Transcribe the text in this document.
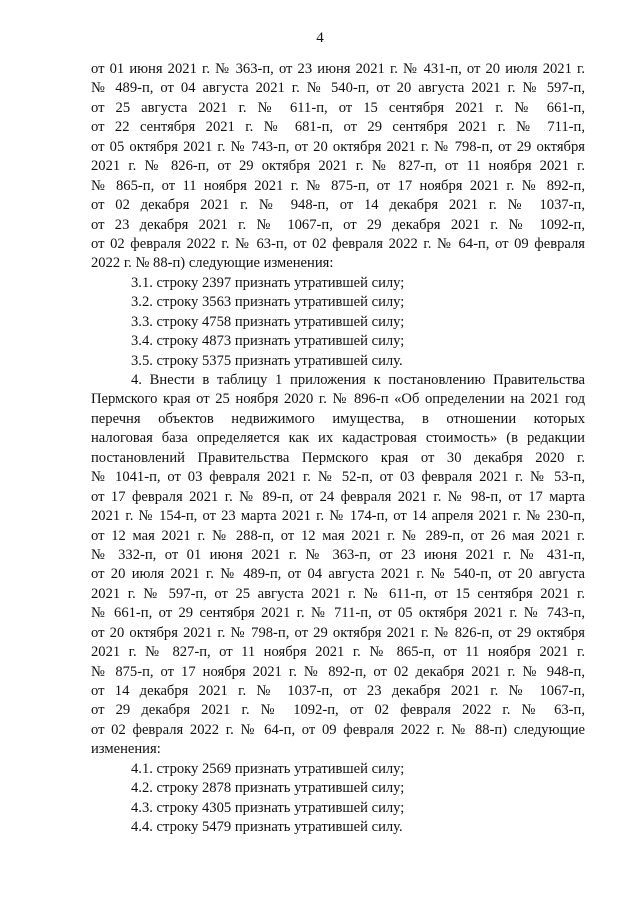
4
от 01 июня 2021 г. № 363-п, от 23 июня 2021 г. № 431-п, от 20 июля 2021 г.
№ 489-п, от 04 августа 2021 г. № 540-п, от 20 августа 2021 г. № 597-п,
от 25 августа 2021 г. № 611-п, от 15 сентября 2021 г. № 661-п,
от 22 сентября 2021 г. № 681-п, от 29 сентября 2021 г. № 711-п,
от 05 октября 2021 г. № 743-п, от 20 октября 2021 г. № 798-п, от 29 октября
2021 г. № 826-п, от 29 октября 2021 г. № 827-п, от 11 ноября 2021 г.
№ 865-п, от 11 ноября 2021 г. № 875-п, от 17 ноября 2021 г. № 892-п,
от 02 декабря 2021 г. № 948-п, от 14 декабря 2021 г. № 1037-п,
от 23 декабря 2021 г. № 1067-п, от 29 декабря 2021 г. № 1092-п,
от 02 февраля 2022 г. № 63-п, от 02 февраля 2022 г. № 64-п, от 09 февраля
2022 г. № 88-п) следующие изменения:
3.1. строку 2397 признать утратившей силу;
3.2. строку 3563 признать утратившей силу;
3.3. строку 4758 признать утратившей силу;
3.4. строку 4873 признать утратившей силу;
3.5. строку 5375 признать утратившей силу.
4. Внести в таблицу 1 приложения к постановлению Правительства
Пермского края от 25 ноября 2020 г. № 896-п «Об определении на 2021 год
перечня объектов недвижимого имущества, в отношении которых
налоговая база определяется как их кадастровая стоимость» (в редакции
постановлений Правительства Пермского края от 30 декабря 2020 г.
№ 1041-п, от 03 февраля 2021 г. № 52-п, от 03 февраля 2021 г. № 53-п,
от 17 февраля 2021 г. № 89-п, от 24 февраля 2021 г. № 98-п, от 17 марта
2021 г. № 154-п, от 23 марта 2021 г. № 174-п, от 14 апреля 2021 г. № 230-п,
от 12 мая 2021 г. № 288-п, от 12 мая 2021 г. № 289-п, от 26 мая 2021 г.
№ 332-п, от 01 июня 2021 г. № 363-п, от 23 июня 2021 г. № 431-п,
от 20 июля 2021 г. № 489-п, от 04 августа 2021 г. № 540-п, от 20 августа
2021 г. № 597-п, от 25 августа 2021 г. № 611-п, от 15 сентября 2021 г.
№ 661-п, от 29 сентября 2021 г. № 711-п, от 05 октября 2021 г. № 743-п,
от 20 октября 2021 г. № 798-п, от 29 октября 2021 г. № 826-п, от 29 октября
2021 г. № 827-п, от 11 ноября 2021 г. № 865-п, от 11 ноября 2021 г.
№ 875-п, от 17 ноября 2021 г. № 892-п, от 02 декабря 2021 г. № 948-п,
от 14 декабря 2021 г. № 1037-п, от 23 декабря 2021 г. № 1067-п,
от 29 декабря 2021 г. № 1092-п, от 02 февраля 2022 г. № 63-п,
от 02 февраля 2022 г. № 64-п, от 09 февраля 2022 г. № 88-п) следующие
изменения:
4.1. строку 2569 признать утратившей силу;
4.2. строку 2878 признать утратившей силу;
4.3. строку 4305 признать утратившей силу;
4.4. строку 5479 признать утратившей силу.
